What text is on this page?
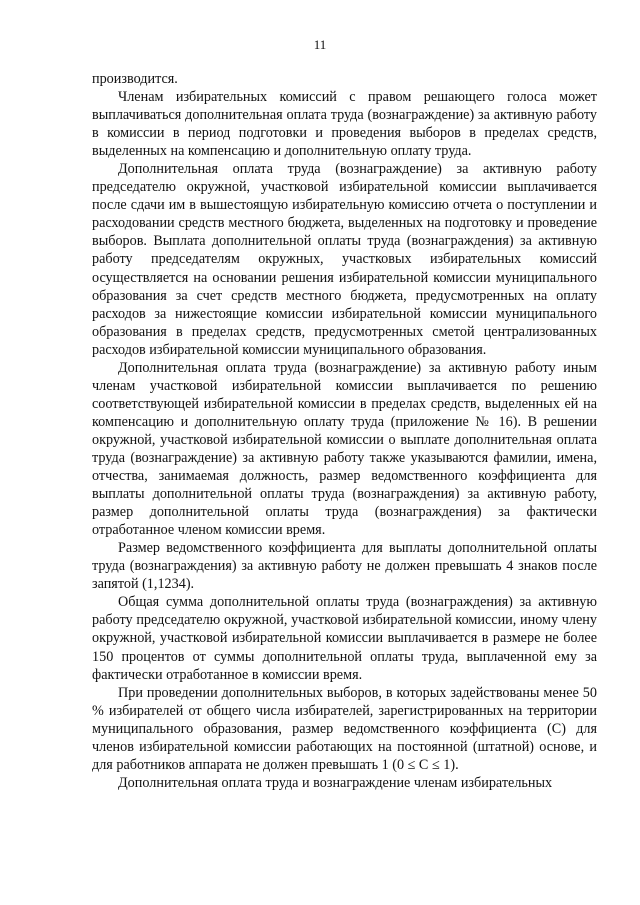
11

производится.

Членам избирательных комиссий с правом решающего голоса может выплачиваться дополнительная оплата труда (вознаграждение) за активную работу в комиссии в период подготовки и проведения выборов в пределах средств, выделенных на компенсацию и дополнительную оплату труда.

Дополнительная оплата труда (вознаграждение) за активную работу председателю окружной, участковой избирательной комиссии выплачивается после сдачи им в вышестоящую избирательную комиссию отчета о поступлении и расходовании средств местного бюджета, выделенных на подготовку и проведение выборов. Выплата дополнительной оплаты труда (вознаграждения) за активную работу председателям окружных, участковых избирательных комиссий осуществляется на основании решения избирательной комиссии муниципального образования за счет средств местного бюджета, предусмотренных на оплату расходов за нижестоящие комиссии избирательной комиссии муниципального образования в пределах средств, предусмотренных сметой централизованных расходов избирательной комиссии муниципального образования.

Дополнительная оплата труда (вознаграждение) за активную работу иным членам участковой избирательной комиссии выплачивается по решению соответствующей избирательной комиссии в пределах средств, выделенных ей на компенсацию и дополнительную оплату труда (приложение № 16). В решении окружной, участковой избирательной комиссии о выплате дополнительная оплата труда (вознаграждение) за активную работу также указываются фамилии, имена, отчества, занимаемая должность, размер ведомственного коэффициента для выплаты дополнительной оплаты труда (вознаграждения) за активную работу, размер дополнительной оплаты труда (вознаграждения) за фактически отработанное членом комиссии время.

Размер ведомственного коэффициента для выплаты дополнительной оплаты труда (вознаграждения) за активную работу не должен превышать 4 знаков после запятой (1,1234).

Общая сумма дополнительной оплаты труда (вознаграждения) за активную работу председателю окружной, участковой избирательной комиссии, иному члену окружной, участковой избирательной комиссии выплачивается в размере не более 150 процентов от суммы дополнительной оплаты труда, выплаченной ему за фактически отработанное в комиссии время.

При проведении дополнительных выборов, в которых задействованы менее 50 % избирателей от общего числа избирателей, зарегистрированных на территории муниципального образования, размер ведомственного коэффициента (С) для членов избирательной комиссии работающих на постоянной (штатной) основе, и для работников аппарата не должен превышать 1 (0 ≤ С ≤ 1).

Дополнительная оплата труда и вознаграждение членам избирательных
